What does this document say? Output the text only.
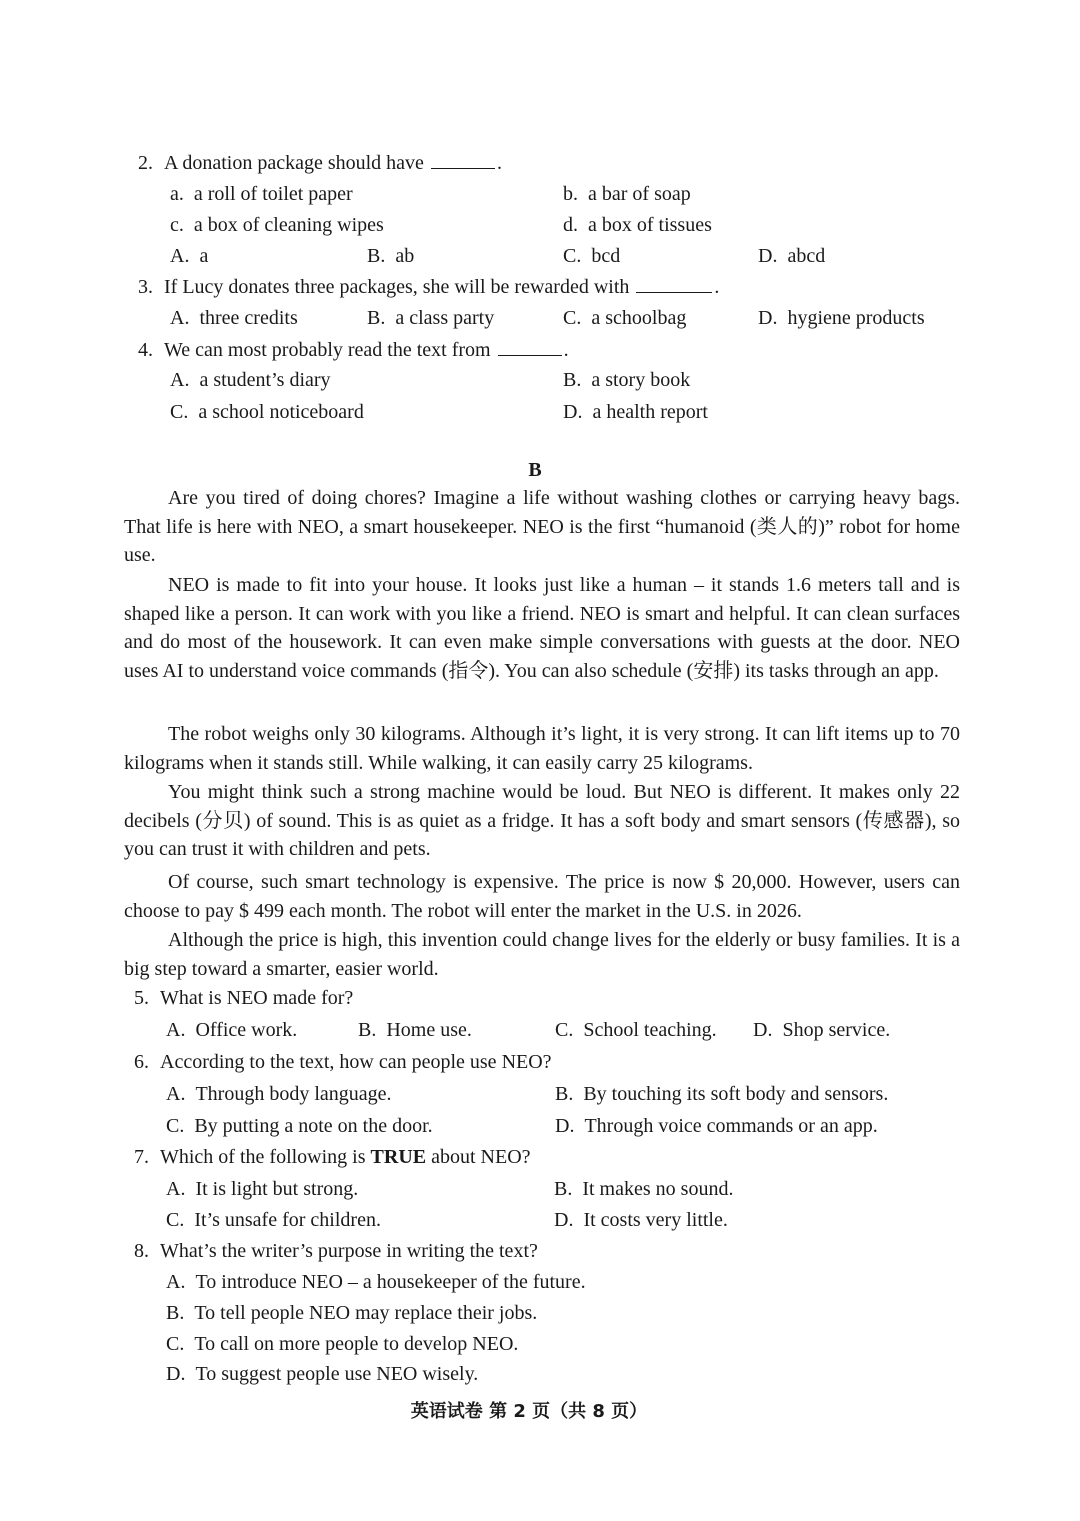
2. A donation package should have	.
a. a roll of toilet paper	b. a bar of soap
c. a box of cleaning wipes	d. a box of tissues
A. a	B. ab	C. bcd	D. abcd
3. If Lucy donates three packages, she will be rewarded with	.
A. three credits	B. a class party	C. a schoolbag	D. hygiene products
4. We can most probably read the text from	.
A. a student’s diary	B. a story book
C. a school noticeboard	D. a health report
B
Are you tired of doing chores? Imagine a life without washing clothes or carrying heavy bags. That life is here with NEO, a smart housekeeper. NEO is the first “humanoid (类人的)” robot for home use.
NEO is made to fit into your house. It looks just like a human – it stands 1.6 meters tall and is shaped like a person. It can work with you like a friend. NEO is smart and helpful. It can clean surfaces and do most of the housework. It can even make simple conversations with guests at the door. NEO uses AI to understand voice commands (指令). You can also schedule (安排) its tasks through an app.
The robot weighs only 30 kilograms. Although it’s light, it is very strong. It can lift items up to 70 kilograms when it stands still. While walking, it can easily carry 25 kilograms.
You might think such a strong machine would be loud. But NEO is different. It makes only 22 decibels (分贝) of sound. This is as quiet as a fridge. It has a soft body and smart sensors (传感器), so you can trust it with children and pets.
Of course, such smart technology is expensive. The price is now $ 20,000. However, users can choose to pay $ 499 each month. The robot will enter the market in the U.S. in 2026.
Although the price is high, this invention could change lives for the elderly or busy families. It is a big step toward a smarter, easier world.
5. What is NEO made for?
A. Office work.	B. Home use.	C. School teaching. D. Shop service.
6. According to the text, how can people use NEO?
A. Through body language.	B. By touching its soft body and sensors.
C. By putting a note on the door.	D. Through voice commands or an app.
7. Which of the following is TRUE about NEO?
A. It is light but strong.	B. It makes no sound.
C. It’s unsafe for children.	D. It costs very little.
8. What’s the writer’s purpose in writing the text?
A. To introduce NEO – a housekeeper of the future.
B. To tell people NEO may replace their jobs.
C. To call on more people to develop NEO.
D. To suggest people use NEO wisely.
英语试卷 第 2 页（共 8 页）
